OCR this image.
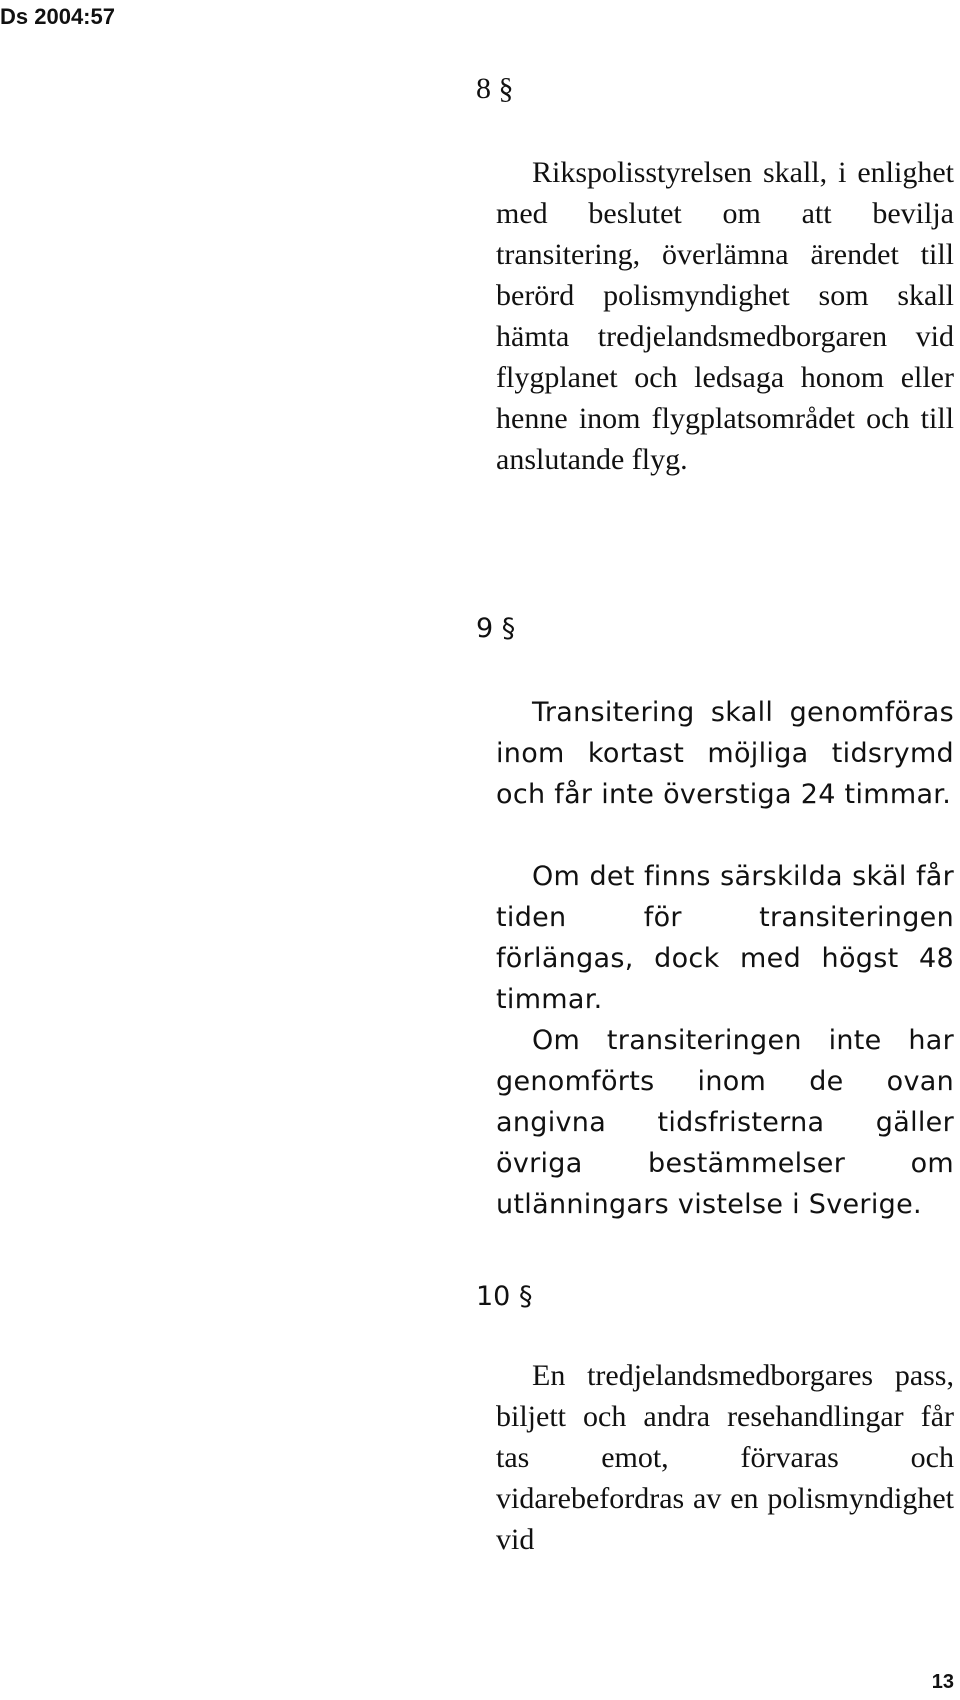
Ds 2004:57
8 §

Rikspolisstyrelsen skall, i enlighet med beslutet om att bevilja transitering, överlämna ärendet till berörd polismyndighet som skall hämta tredjelandsmedborgaren vid flygplanet och ledsaga honom eller henne inom flygplatsområdet och till anslutande flyg.

9 §

Transitering skall genomföras inom kortast möjliga tidsrymd och får inte överstiga 24 timmar.

Om det finns särskilda skäl får tiden för transiteringen förlängas, dock med högst 48 timmar.

Om transiteringen inte har genomförts inom de ovan angivna tidsfristerna gäller övriga bestämmelser om utlänningars vistelse i Sverige.

10 §

En tredjelandsmedborgares pass, biljett och andra resehandlingar får tas emot, förvaras och vidarebefordras av en polismyndighet vid

13
